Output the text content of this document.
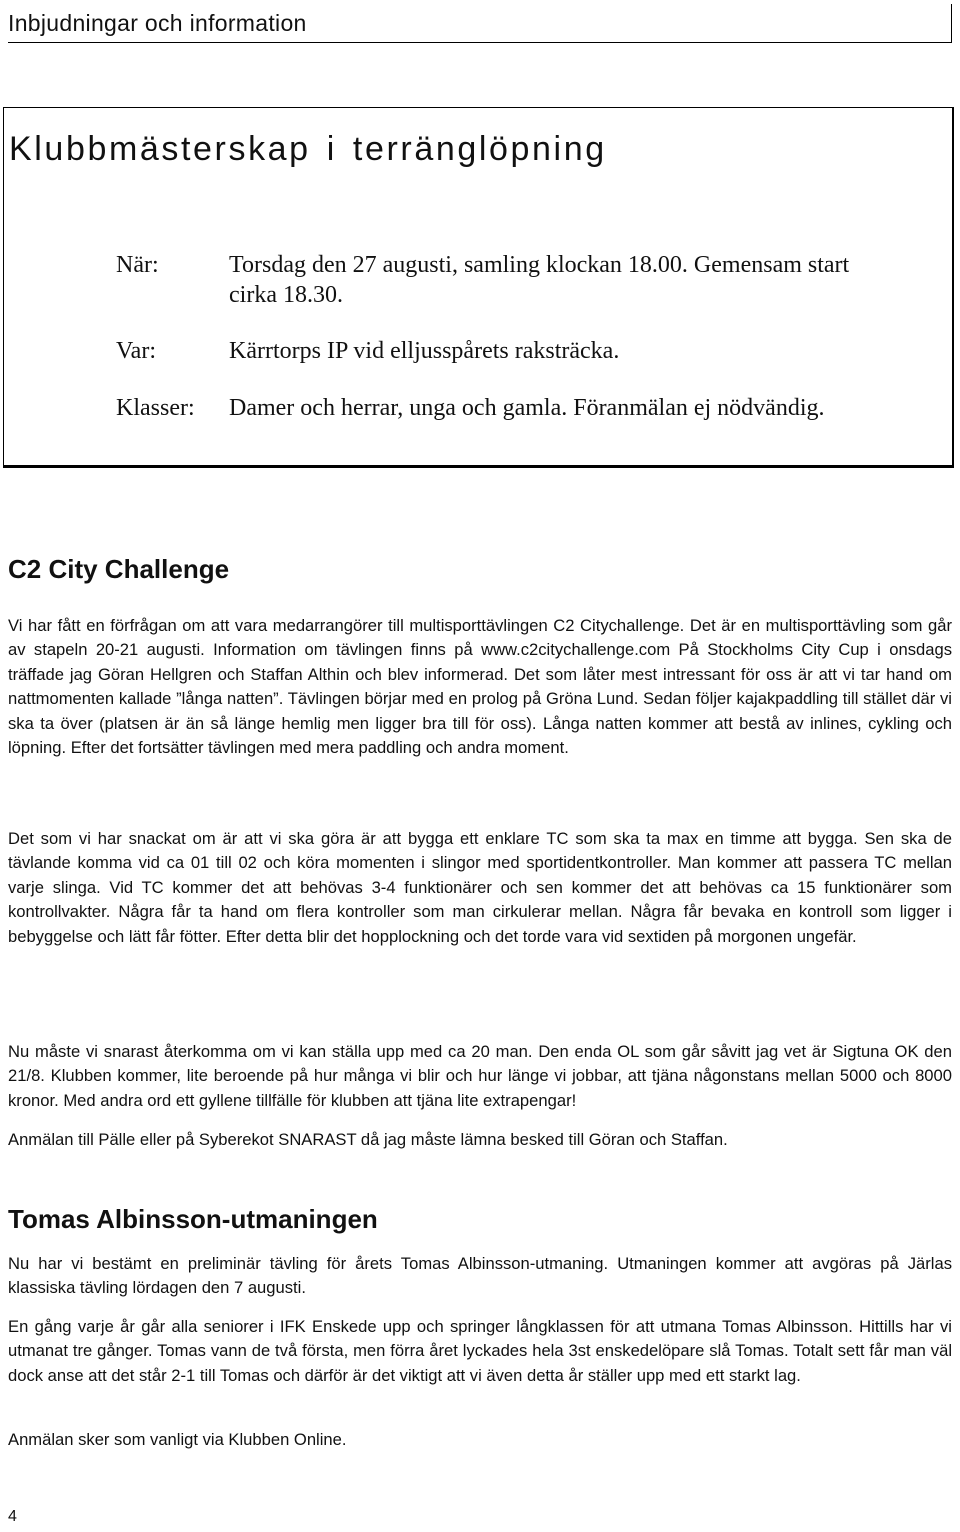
Inbjudningar och information
Klubbmästerskap i terränglöpning
När:	Torsdag den 27 augusti, samling klockan 18.00. Gemensam start cirka 18.30.
Var:	Kärrtorps IP vid elljusspårets raksträcka.
Klasser: Damer och herrar, unga och gamla. Föranmälan ej nödvändig.
C2 City Challenge

Vi har fått en förfrågan om att vara medarrangörer till multisporttävlingen C2 Citychallenge. Det är en multisporttävling som går av stapeln 20-21 augusti. Information om tävlingen finns på www.c2citychallenge.com På Stockholms City Cup i onsdags träffade jag Göran Hellgren och Staffan Althin och blev informerad. Det som låter mest intressant för oss är att vi tar hand om nattmomenten kallade ”långa natten”. Tävlingen börjar med en prolog på Gröna Lund. Sedan följer kajakpaddling till stället där vi ska ta över (platsen är än så länge hemlig men ligger bra till för oss). Långa natten kommer att bestå av inlines, cykling och löpning. Efter det fortsätter tävlingen med mera paddling och andra moment.

Det som vi har snackat om är att vi ska göra är att bygga ett enklare TC som ska ta max en timme att bygga. Sen ska de tävlande komma vid ca 01 till 02 och köra momenten i slingor med sportidentkontroller. Man kommer att passera TC mellan varje slinga. Vid TC kommer det att behövas 3-4 funktionärer och sen kommer det att behövas ca 15 funktionärer som kontrollvakter. Några får ta hand om flera kontroller som man cirkulerar mellan. Några får bevaka en kontroll som ligger i bebyggelse och lätt får fötter. Efter detta blir det hopplockning och det torde vara vid sextiden på morgonen ungefär.

Nu måste vi snarast återkomma om vi kan ställa upp med ca 20 man. Den enda OL som går såvitt jag vet är Sigtuna OK den 21/8. Klubben kommer, lite beroende på hur många vi blir och hur länge vi jobbar, att tjäna någonstans mellan 5000 och 8000 kronor. Med andra ord ett gyllene tillfälle för klubben att tjäna lite extrapengar!

Anmälan till Pälle eller på Syberekot SNARAST då jag måste lämna besked till Göran och Staffan.

Tomas Albinsson-utmaningen

Nu har vi bestämt en preliminär tävling för årets Tomas Albinsson-utmaning. Utmaningen kommer att avgöras på Järlas klassiska tävling lördagen den 7 augusti.

En gång varje år går alla seniorer i IFK Enskede upp och springer långklassen för att utmana Tomas Albinsson. Hittills har vi utmanat tre gånger. Tomas vann de två första, men förra året lyckades hela 3st enskedelöpare slå Tomas. Totalt sett får man väl dock anse att det står 2-1 till Tomas och därför är det viktigt att vi även detta år ställer upp med ett starkt lag.

Anmälan sker som vanligt via Klubben Online.

4
